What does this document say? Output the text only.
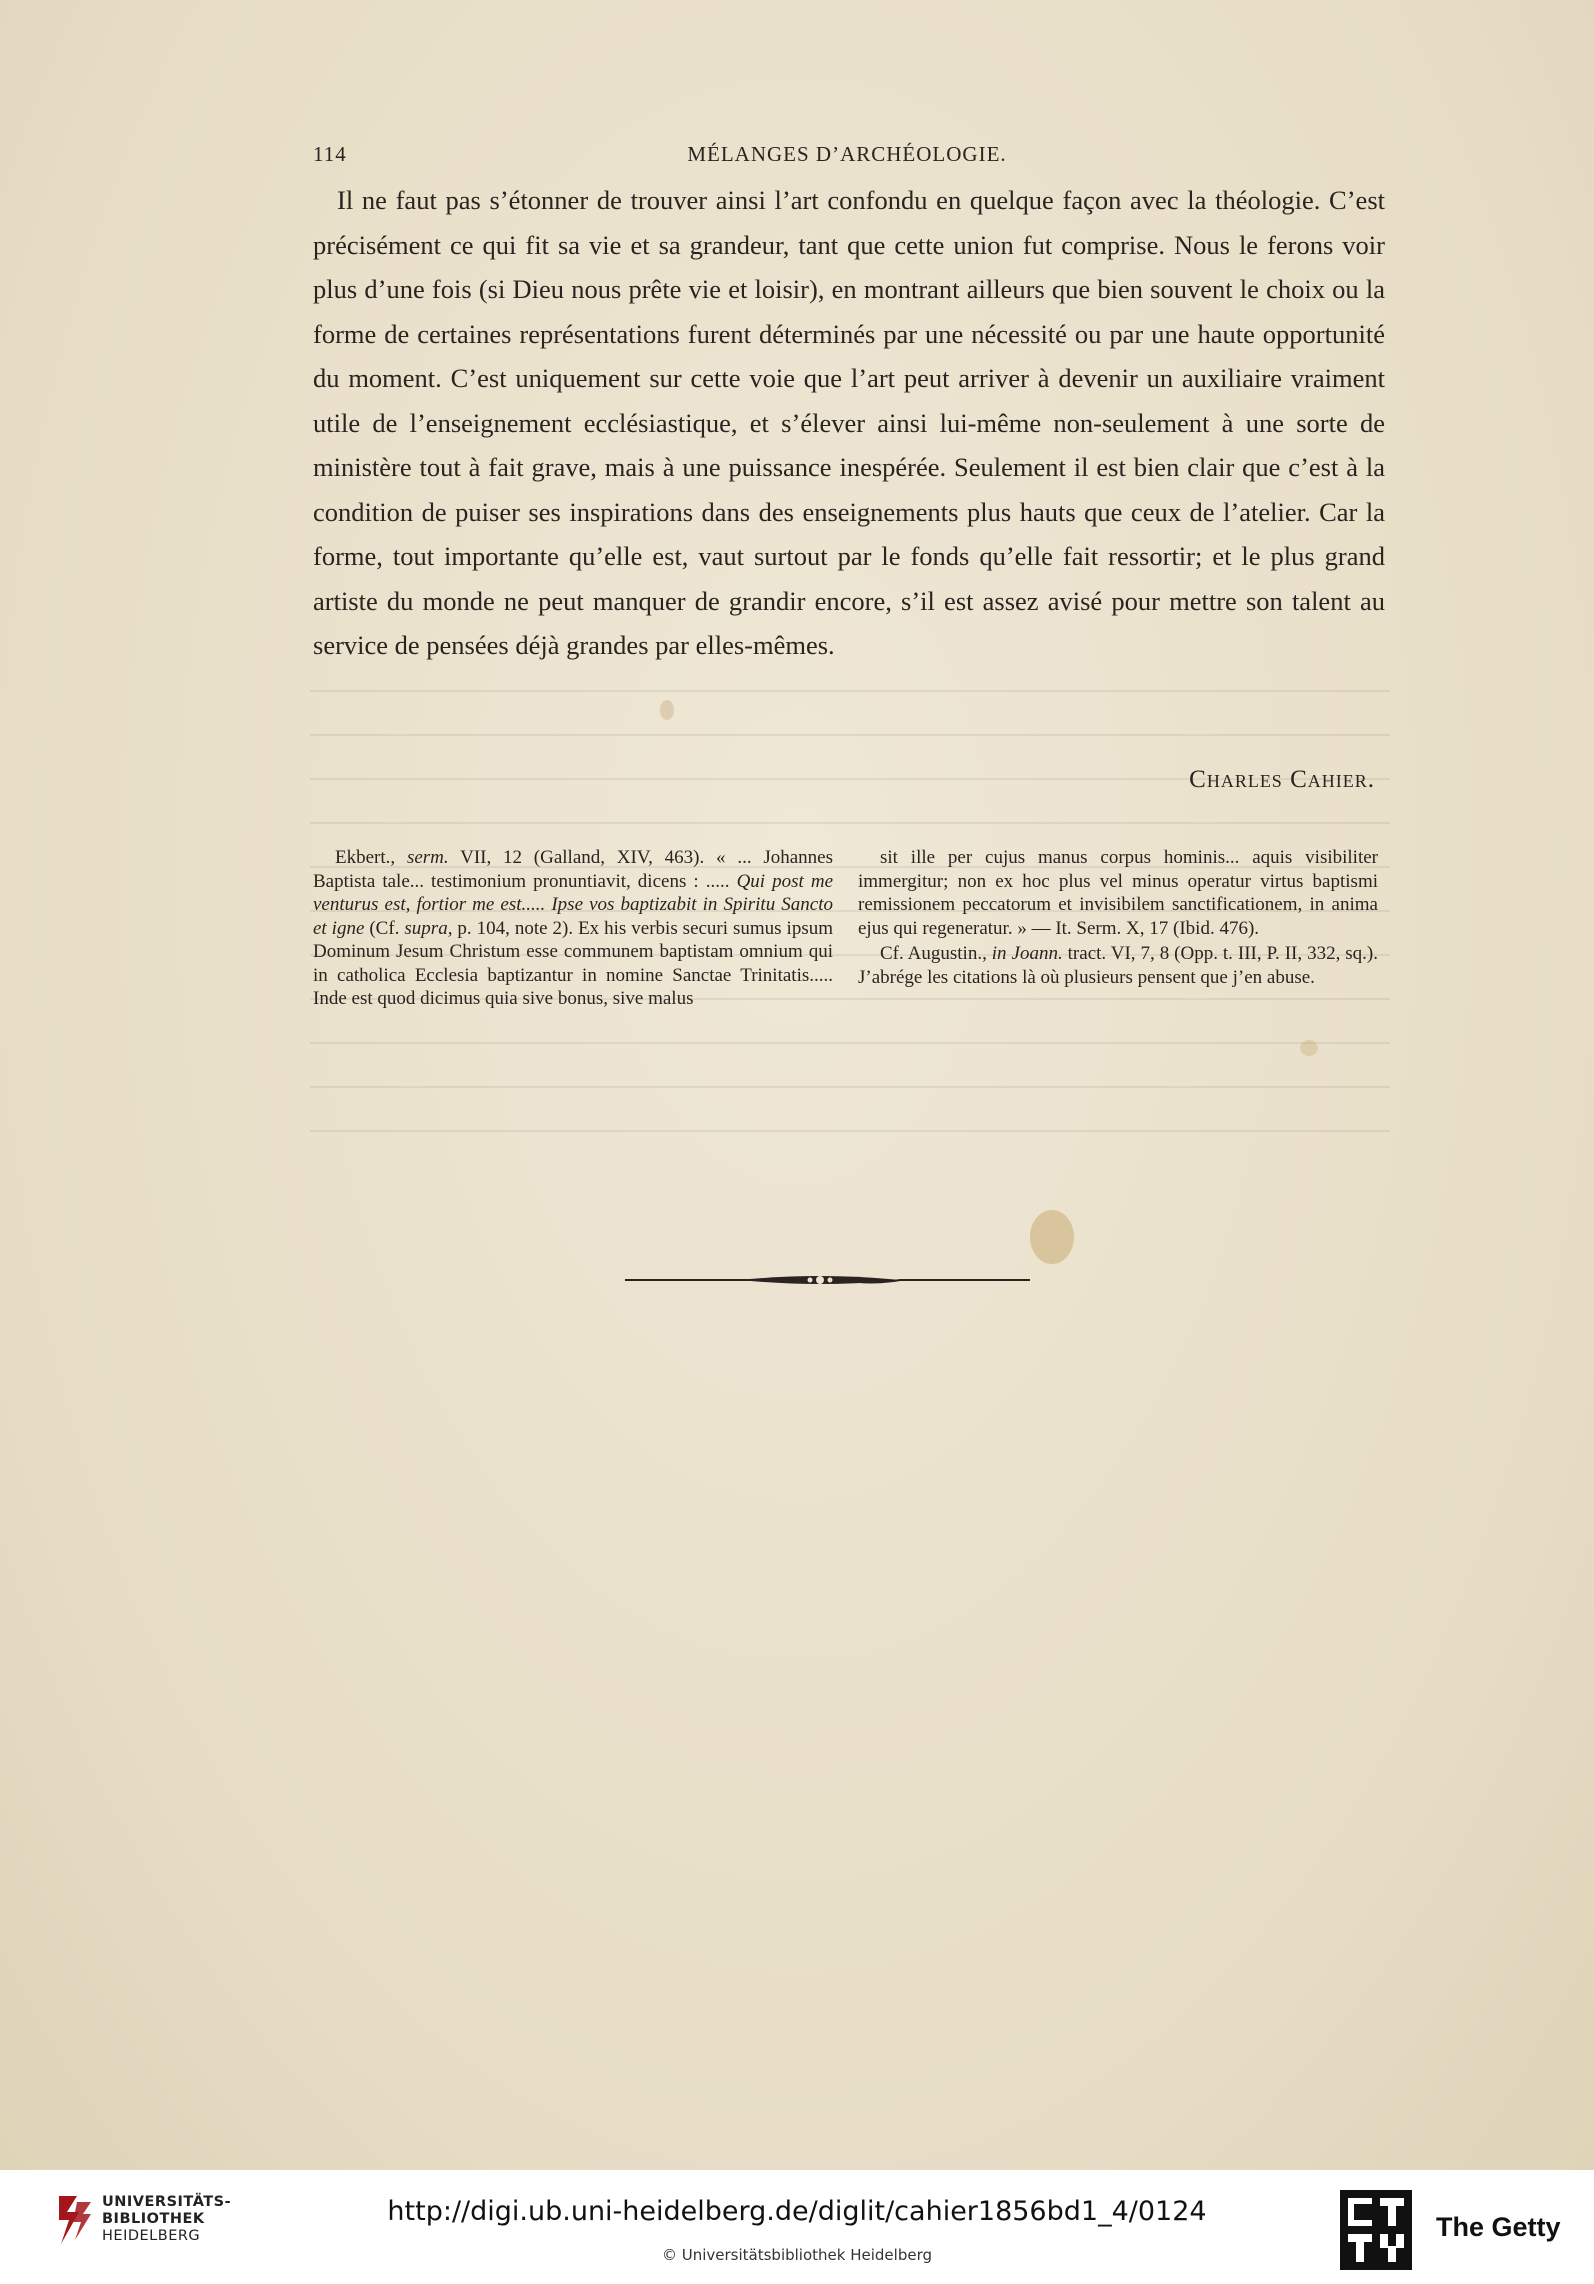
114	MÉLANGES D’ARCHÉOLOGIE.

Il ne faut pas s’étonner de trouver ainsi l’art confondu en quelque façon avec la théologie. C’est précisément ce qui fit sa vie et sa grandeur, tant que cette union fut comprise. Nous le ferons voir plus d’une fois (si Dieu nous prête vie et loisir), en montrant ailleurs que bien souvent le choix ou la forme de certaines représentations furent déterminés par une nécessité ou par une haute opportunité du moment. C’est uniquement sur cette voie que l’art peut arriver à devenir un auxiliaire vraiment utile de l’enseignement ecclésiastique, et s’élever ainsi lui-même non-seulement à une sorte de ministère tout à fait grave, mais à une puissance inespérée. Seulement il est bien clair que c’est à la condition de puiser ses inspirations dans des enseignements plus hauts que ceux de l’atelier. Car la forme, tout importante qu’elle est, vaut surtout par le fonds qu’elle fait ressortir; et le plus grand artiste du monde ne peut manquer de grandir encore, s’il est assez avisé pour mettre son talent au service de pensées déjà grandes par elles-mêmes.

Charles Cahier.

Ekbert., serm. VII, 12 (Galland, XIV, 463). « ... Johannes Baptista tale... testimonium pronuntiavit, dicens : ..... Qui post me venturus est, fortior me est..... Ipse vos baptizabit in Spiritu Sancto et igne (Cf. supra, p. 104, note 2). Ex his verbis securi sumus ipsum Dominum Jesum Christum esse communem baptistam omnium qui in catholica Ecclesia baptizantur in nomine Sanctae Trinitatis..... Inde est quod dicimus quia sive bonus, sive malus

sit ille per cujus manus corpus hominis... aquis visibiliter immergitur; non ex hoc plus vel minus operatur virtus baptismi remissionem peccatorum et invisibilem sanctificationem, in anima ejus qui regeneratur. » — It. Serm. X, 17 (Ibid. 476).

Cf. Augustin., in Joann. tract. VI, 7, 8 (Opp. t. III, P. II, 332, sq.). J’abrége les citations là où plusieurs pensent que j’en abuse.

UNIVERSITÄTS-
BIBLIOTHEK
HEIDELBERG
http://digi.ub.uni-heidelberg.de/diglit/cahier1856bd1_4/0124
© Universitätsbibliothek Heidelberg
The Getty
